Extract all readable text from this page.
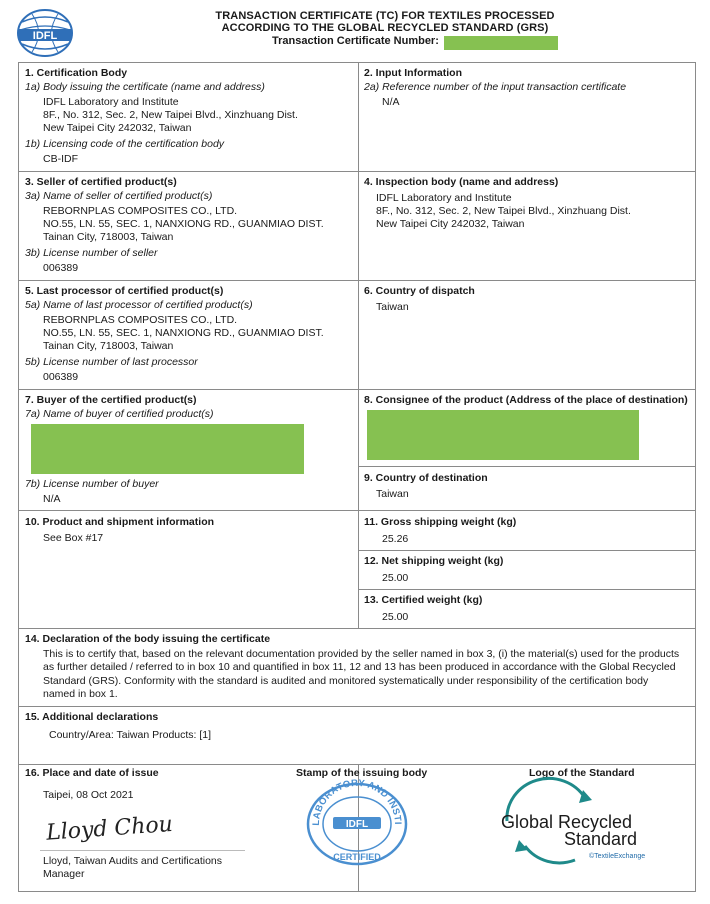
IDFL
TRANSACTION CERTIFICATE (TC) FOR TEXTILES PROCESSED
ACCORDING TO THE GLOBAL RECYCLED STANDARD (GRS)
Transaction Certificate Number:
1. Certification Body
1a) Body issuing the certificate (name and address)
IDFL Laboratory and Institute
8F., No. 312, Sec. 2, New Taipei Blvd., Xinzhuang Dist.
New Taipei City 242032, Taiwan
1b) Licensing code of the certification body
CB-IDF
2. Input Information
2a) Reference number of the input transaction certificate
N/A
3. Seller of certified product(s)
3a) Name of seller of certified product(s)
REBORNPLAS COMPOSITES CO., LTD.
NO.55, LN. 55, SEC. 1, NANXIONG RD., GUANMIAO DIST.
Tainan City, 718003, Taiwan
3b) License number of seller
006389
4. Inspection body (name and address)
IDFL Laboratory and Institute
8F., No. 312, Sec. 2, New Taipei Blvd., Xinzhuang Dist.
New Taipei City 242032, Taiwan
5. Last processor of certified product(s)
5a) Name of last processor of certified product(s)
REBORNPLAS COMPOSITES CO., LTD.
NO.55, LN. 55, SEC. 1, NANXIONG RD., GUANMIAO DIST.
Tainan City, 718003, Taiwan
5b) License number of last processor
006389
6. Country of dispatch
Taiwan
7. Buyer of the certified product(s)
7a) Name of buyer of certified product(s)
7b) License number of buyer
N/A
8. Consignee of the product (Address of the place of destination)
9. Country of destination
Taiwan
10. Product and shipment information
See Box #17
11. Gross shipping weight (kg)
25.26
12. Net shipping weight (kg)
25.00
13. Certified weight (kg)
25.00
14. Declaration of the body issuing the certificate
This is to certify that, based on the relevant documentation provided by the seller named in box 3, (i) the material(s) used for the products as further detailed / referred to in box 10 and quantified in box 11, 12 and 13 has been produced in accordance with the Global Recycled Standard (GRS). Conformity with the standard is audited and monitored systematically under responsibility of the certification body named in box 1.
15. Additional declarations
Country/Area: Taiwan Products: [1]
16. Place and date of issue
Taipei, 08 Oct 2021
Lloyd Chou
Lloyd, Taiwan Audits and Certifications
Manager
Stamp of the issuing body
LABORATORY AND INSTI
IDFL
CERTIFIED
Logo of the Standard
Global Recycled
Standard
©TextileExchange
